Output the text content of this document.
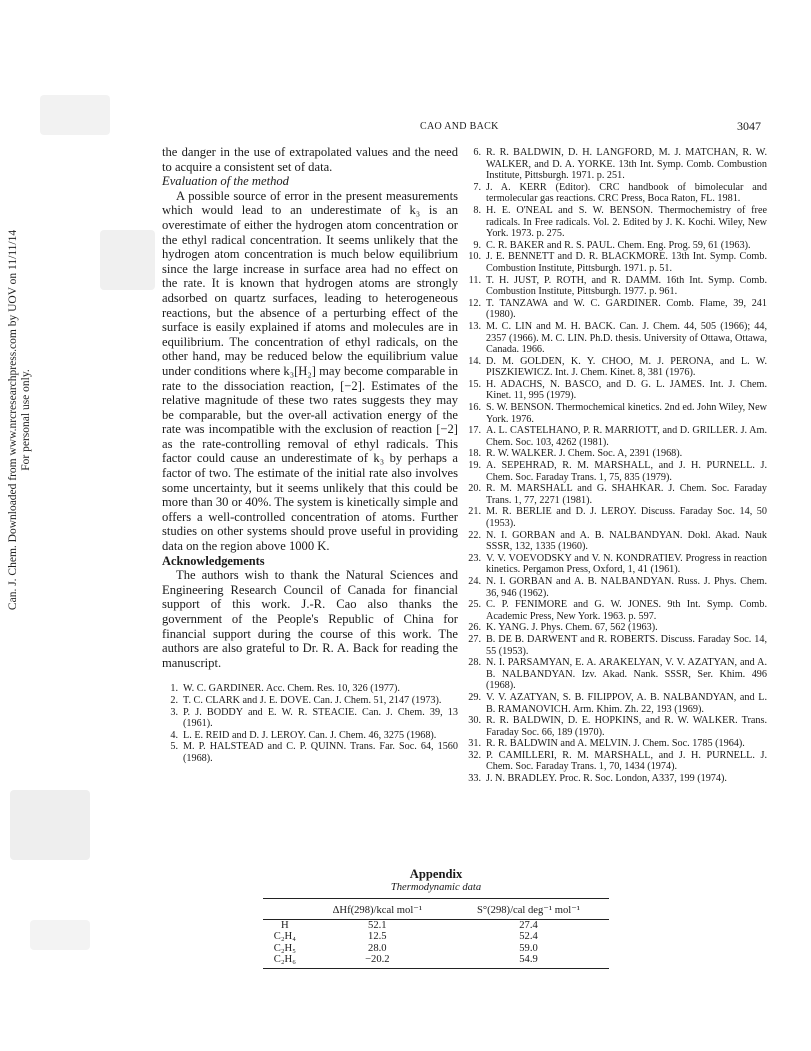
Can. J. Chem. Downloaded from www.nrcresearchpress.com by UOV on 11/11/14 For personal use only.
CAO AND BACK	3047

the danger in the use of extrapolated values and the need to acquire a consistent set of data.

Evaluation of the method

A possible source of error in the present measurements which would lead to an underestimate of k₃ is an overestimate of either the hydrogen atom concentration or the ethyl radical concentration. It seems unlikely that the hydrogen atom concentration is much below equilibrium since the large increase in surface area had no effect on the rate. It is known that hydrogen atoms are strongly adsorbed on quartz surfaces, leading to heterogeneous reactions, but the absence of a perturbing effect of the surface is easily explained if atoms and molecules are in equilibrium. The concentration of ethyl radicals, on the other hand, may be reduced below the equilibrium value under conditions where k₃[H₂] may become comparable in rate to the dissociation reaction, [−2]. Estimates of the relative magnitude of these two rates suggests they may be comparable, but the over-all activation energy of the rate was incompatible with the exclusion of reaction [−2] as the rate-controlling removal of ethyl radicals. This factor could cause an underestimate of k₃ by perhaps a factor of two. The estimate of the initial rate also involves some uncertainty, but it seems unlikely that this could be more than 30 or 40%. The system is kinetically simple and offers a well-controlled concentration of atoms. Further studies on other systems should prove useful in providing data on the region above 1000 K.

Acknowledgements

The authors wish to thank the Natural Sciences and Engineering Research Council of Canada for financial support of this work. J.-R. Cao also thanks the government of the People's Republic of China for financial support during the course of this work. The authors are also grateful to Dr. R. A. Back for reading the manuscript.

1. W. C. GARDINER. Acc. Chem. Res. 10, 326 (1977).
2. T. C. CLARK and J. E. DOVE. Can. J. Chem. 51, 2147 (1973).
3. P. J. BODDY and E. W. R. STEACIE. Can. J. Chem. 39, 13 (1961).
4. L. E. REID and D. J. LEROY. Can. J. Chem. 46, 3275 (1968).
5. M. P. HALSTEAD and C. P. QUINN. Trans. Far. Soc. 64, 1560 (1968).
6. R. R. BALDWIN, D. H. LANGFORD, M. J. MATCHAN, R. W. WALKER, and D. A. YORKE. 13th Int. Symp. Comb. Combustion Institute, Pittsburgh. 1971. p. 251.
7. J. A. KERR (Editor). CRC handbook of bimolecular and termolecular gas reactions. CRC Press, Boca Raton, FL. 1981.
8. H. E. O'NEAL and S. W. BENSON. Thermochemistry of free radicals. In Free radicals. Vol. 2. Edited by J. K. Kochi. Wiley, New York. 1973. p. 275.
9. C. R. BAKER and R. S. PAUL. Chem. Eng. Prog. 59, 61 (1963).
10. J. E. BENNETT and D. R. BLACKMORE. 13th Int. Symp. Comb. Combustion Institute, Pittsburgh. 1971. p. 51.
11. T. H. JUST, P. ROTH, and R. DAMM. 16th Int. Symp. Comb. Combustion Institute, Pittsburgh. 1977. p. 961.
12. T. TANZAWA and W. C. GARDINER. Comb. Flame, 39, 241 (1980).
13. M. C. LIN and M. H. BACK. Can. J. Chem. 44, 505 (1966); 44, 2357 (1966). M. C. LIN. Ph.D. thesis. University of Ottawa, Ottawa, Canada. 1966.
14. D. M. GOLDEN, K. Y. CHOO, M. J. PERONA, and L. W. PISZKIEWICZ. Int. J. Chem. Kinet. 8, 381 (1976).
15. H. ADACHS, N. BASCO, and D. G. L. JAMES. Int. J. Chem. Kinet. 11, 995 (1979).
16. S. W. BENSON. Thermochemical kinetics. 2nd ed. John Wiley, New York. 1976.
17. A. L. CASTELHANO, P. R. MARRIOTT, and D. GRILLER. J. Am. Chem. Soc. 103, 4262 (1981).
18. R. W. WALKER. J. Chem. Soc. A, 2391 (1968).
19. A. SEPEHRAD, R. M. MARSHALL, and J. H. PURNELL. J. Chem. Soc. Faraday Trans. 1, 75, 835 (1979).
20. R. M. MARSHALL and G. SHAHKAR. J. Chem. Soc. Faraday Trans. 1, 77, 2271 (1981).
21. M. R. BERLIE and D. J. LEROY. Discuss. Faraday Soc. 14, 50 (1953).
22. N. I. GORBAN and A. B. NALBANDYAN. Dokl. Akad. Nauk SSSR, 132, 1335 (1960).
23. V. V. VOEVODSKY and V. N. KONDRATIEV. Progress in reaction kinetics. Pergamon Press, Oxford, 1, 41 (1961).
24. N. I. GORBAN and A. B. NALBANDYAN. Russ. J. Phys. Chem. 36, 946 (1962).
25. C. P. FENIMORE and G. W. JONES. 9th Int. Symp. Comb. Academic Press, New York. 1963. p. 597.
26. K. YANG. J. Phys. Chem. 67, 562 (1963).
27. B. DE B. DARWENT and R. ROBERTS. Discuss. Faraday Soc. 14, 55 (1953).
28. N. I. PARSAMYAN, E. A. ARAKELYAN, V. V. AZATYAN, and A. B. NALBANDYAN. Izv. Akad. Nank. SSSR, Ser. Khim. 496 (1968).
29. V. V. AZATYAN, S. B. FILIPPOV, A. B. NALBANDYAN, and L. B. RAMANOVICH. Arm. Khim. Zh. 22, 193 (1969).
30. R. R. BALDWIN, D. E. HOPKINS, and R. W. WALKER. Trans. Faraday Soc. 66, 189 (1970).
31. R. R. BALDWIN and A. MELVIN. J. Chem. Soc. 1785 (1964).
32. P. CAMILLERI, R. M. MARSHALL, and J. H. PURNELL. J. Chem. Soc. Faraday Trans. 1, 70, 1434 (1974).
33. J. N. BRADLEY. Proc. R. Soc. London, A337, 199 (1974).
Appendix
Thermodynamic data
	ΔHf(298)/kcal mol⁻¹	S°(298)/cal deg⁻¹ mol⁻¹
H	52.1	27.4
C₂H₄	12.5	52.4
C₂H₅	28.0	59.0
C₂H₆	−20.2	54.9
